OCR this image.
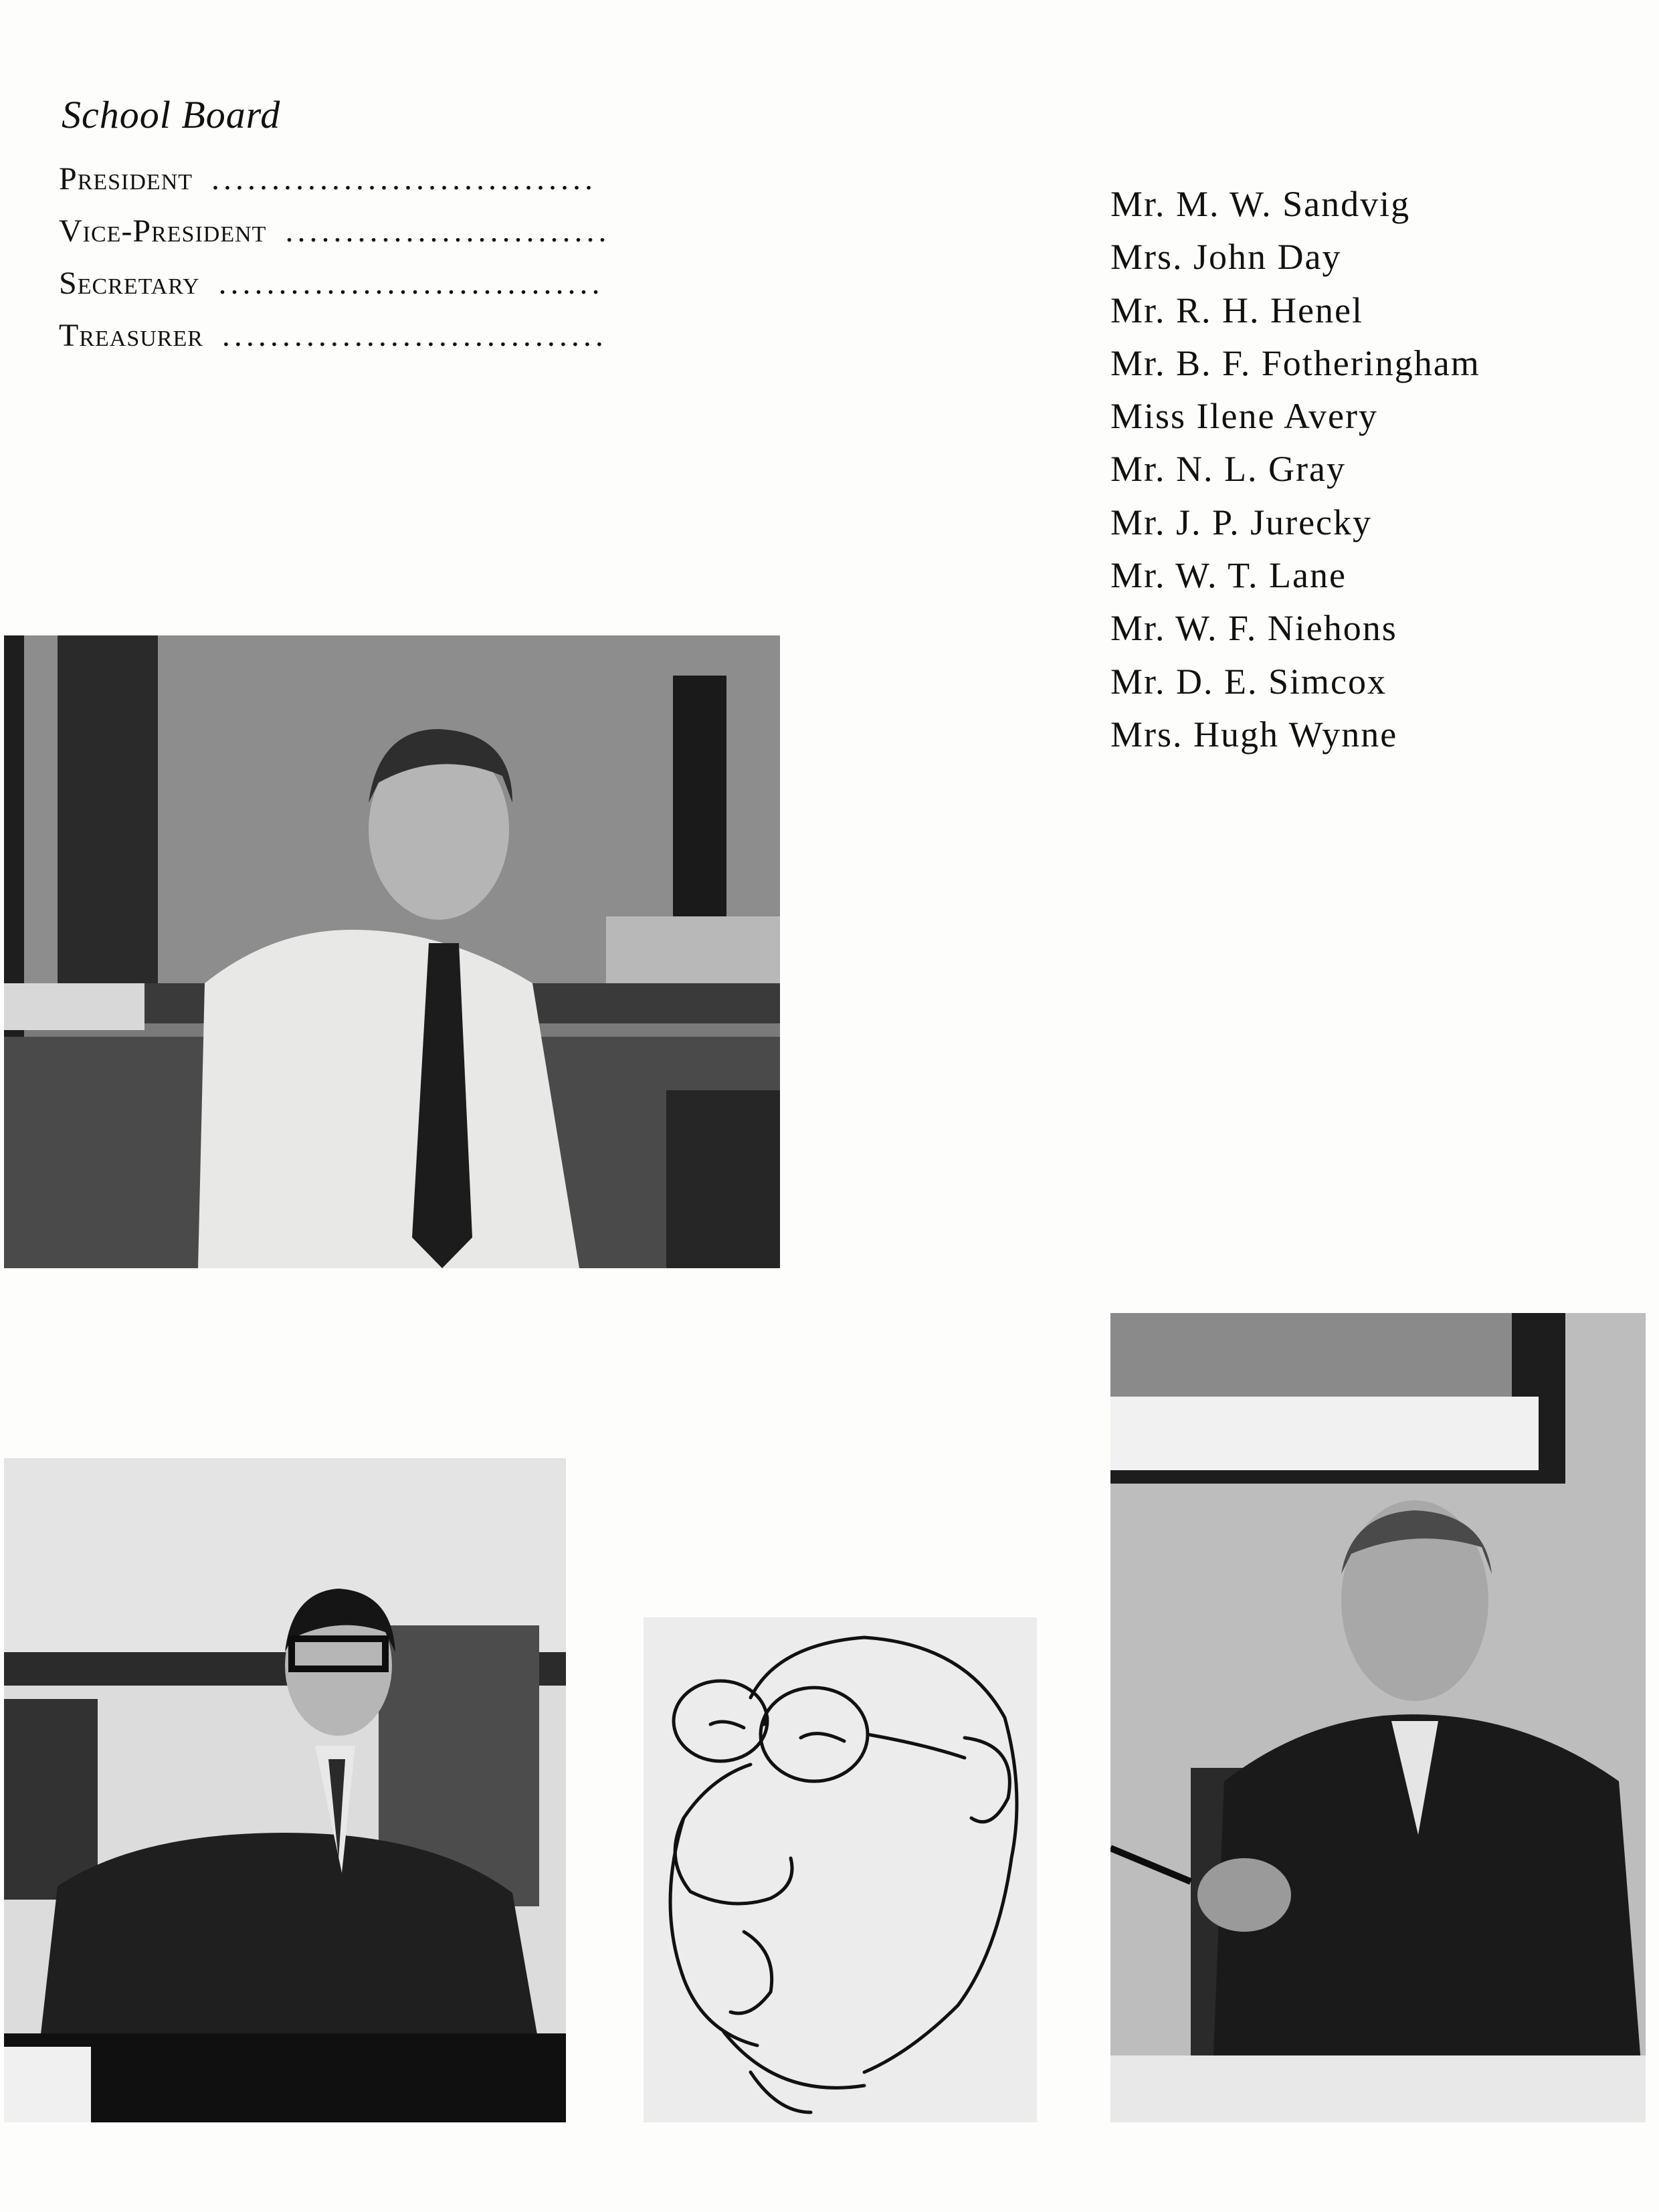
School Board
President ................................
Vice-President ...........................
Secretary ................................
Treasurer ................................
Mr. M. W. Sandvig
Mrs. John Day
Mr. R. H. Henel
Mr. B. F. Fotheringham
Miss Ilene Avery
Mr. N. L. Gray
Mr. J. P. Jurecky
Mr. W. T. Lane
Mr. W. F. Niehons
Mr. D. E. Simcox
Mrs. Hugh Wynne
